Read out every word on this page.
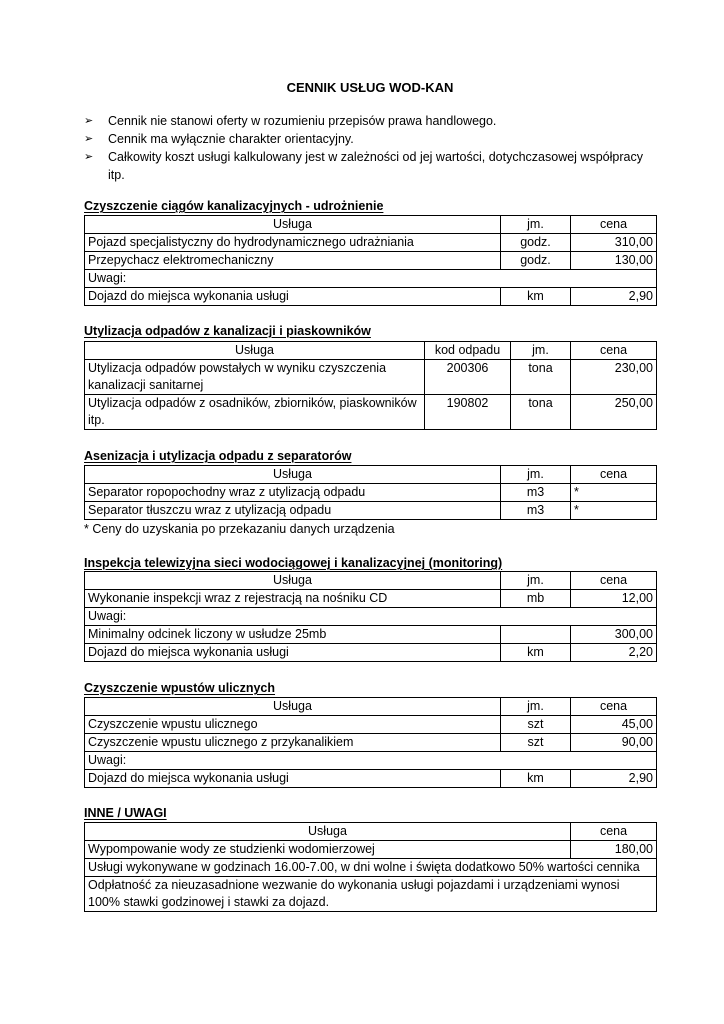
CENNIK USŁUG WOD-KAN
➢ Cennik nie stanowi oferty w rozumieniu przepisów prawa handlowego.
➢ Cennik ma wyłącznie charakter orientacyjny.
➢ Całkowity koszt usługi kalkulowany jest w zależności od jej wartości, dotychczasowej współpracy itp.
Czyszczenie ciągów kanalizacyjnych - udrożnienie
Usługa	jm.	cena
Pojazd specjalistyczny do hydrodynamicznego udrażniania	godz.	310,00
Przepychacz elektromechaniczny	godz.	130,00
Uwagi:		
Dojazd do miejsca wykonania usługi	km	2,90
Utylizacja odpadów z kanalizacji i piaskowników
Usługa	kod odpadu	jm.	cena
Utylizacja odpadów powstałych w wyniku czyszczenia kanalizacji sanitarnej	200306	tona	230,00
Utylizacja odpadów z osadników, zbiorników, piaskowników itp.	190802	tona	250,00
Asenizacja i utylizacja odpadu z separatorów
Usługa	jm.	cena
Separator ropopochodny wraz z utylizacją odpadu	m3	*
Separator tłuszczu wraz z utylizacją odpadu	m3	*
* Ceny do uzyskania po przekazaniu danych urządzenia
Inspekcja telewizyjna sieci wodociągowej i kanalizacyjnej (monitoring)
Usługa	jm.	cena
Wykonanie inspekcji wraz z rejestracją na nośniku CD	mb	12,00
Uwagi:		
Minimalny odcinek liczony w usłudze 25mb		300,00
Dojazd do miejsca wykonania usługi	km	2,20
Czyszczenie wpustów ulicznych
Usługa	jm.	cena
Czyszczenie wpustu ulicznego	szt	45,00
Czyszczenie wpustu ulicznego z przykanalikiem	szt	90,00
Uwagi:		
Dojazd do miejsca wykonania usługi	km	2,90
INNE / UWAGI
Usługa	cena
Wypompowanie wody ze studzienki wodomierzowej	180,00
Usługi wykonywane w godzinach 16.00-7.00, w dni wolne i święta dodatkowo 50% wartości cennika	
Odpłatność za nieuzasadnione wezwanie do wykonania usługi pojazdami i urządzeniami wynosi 100% stawki godzinowej i stawki za dojazd.	
